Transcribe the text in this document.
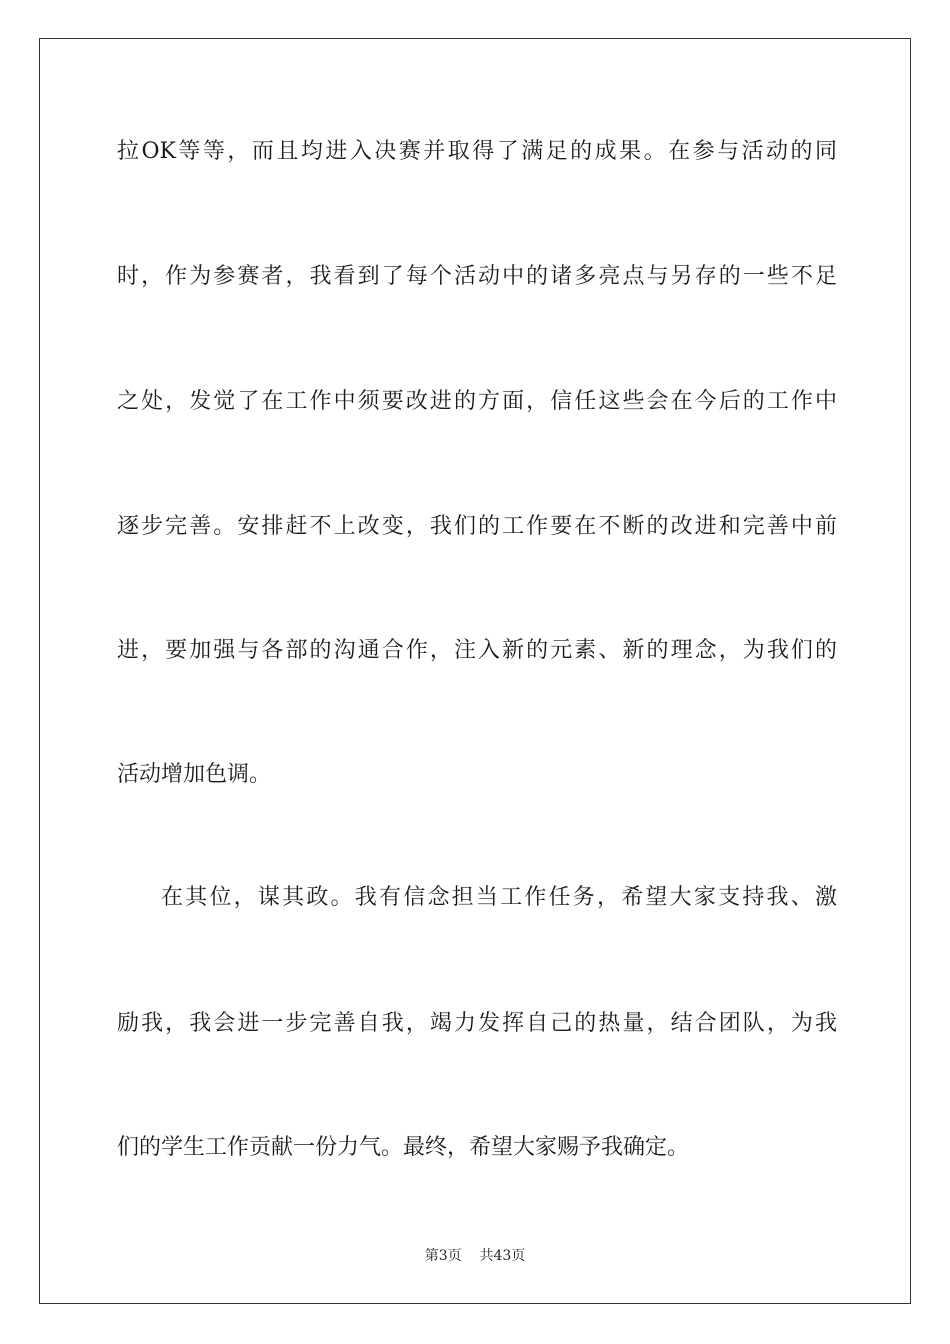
拉OK等等，而且均进入决赛并取得了满足的成果。在参与活动的同
时，作为参赛者，我看到了每个活动中的诸多亮点与另存的一些不足
之处，发觉了在工作中须要改进的方面，信任这些会在今后的工作中
逐步完善。安排赶不上改变，我们的工作要在不断的改进和完善中前
进，要加强与各部的沟通合作，注入新的元素、新的理念，为我们的
活动增加色调。
在其位，谋其政。我有信念担当工作任务，希望大家支持我、激
励我，我会进一步完善自我，竭力发挥自己的热量，结合团队，为我
们的学生工作贡献一份力气。最终，希望大家赐予我确定。
第3页 共43页
